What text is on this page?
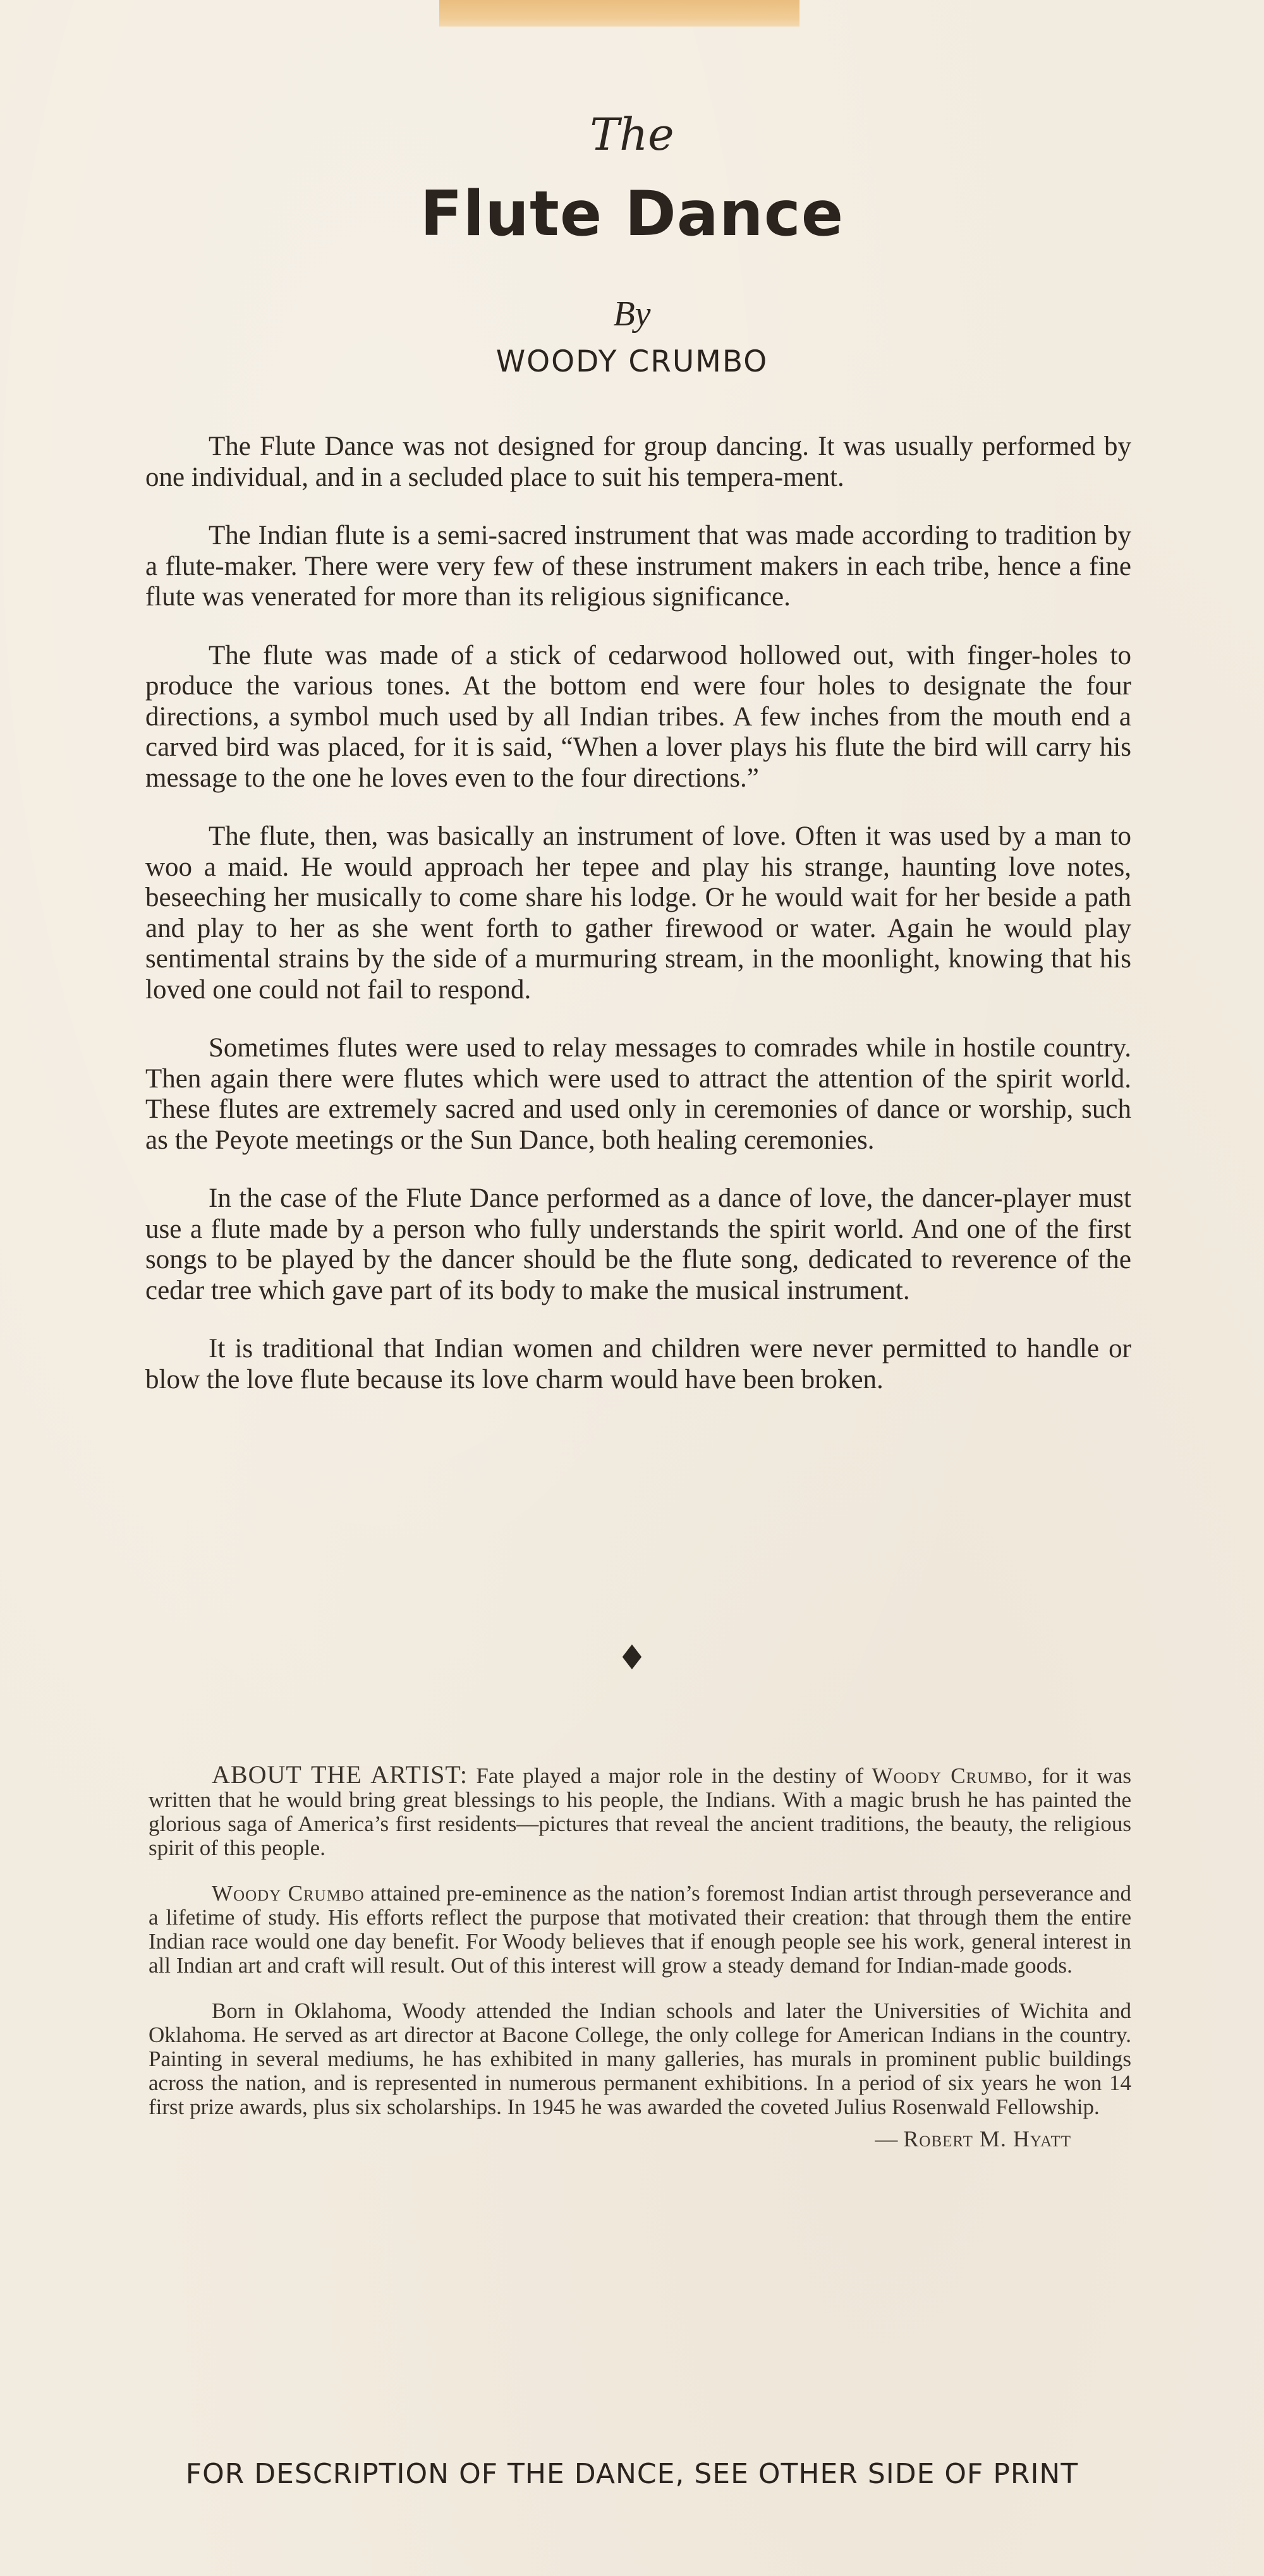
The
Flute Dance
By
WOODY CRUMBO

The Flute Dance was not designed for group dancing. It was usually performed by one individual, and in a secluded place to suit his tempera-ment.

The Indian flute is a semi-sacred instrument that was made according to tradition by a flute-maker. There were very few of these instrument makers in each tribe, hence a fine flute was venerated for more than its religious significance.

The flute was made of a stick of cedarwood hollowed out, with finger-holes to produce the various tones. At the bottom end were four holes to designate the four directions, a symbol much used by all Indian tribes. A few inches from the mouth end a carved bird was placed, for it is said, “When a lover plays his flute the bird will carry his message to the one he loves even to the four directions.”

The flute, then, was basically an instrument of love. Often it was used by a man to woo a maid. He would approach her tepee and play his strange, haunting love notes, beseeching her musically to come share his lodge. Or he would wait for her beside a path and play to her as she went forth to gather firewood or water. Again he would play sentimental strains by the side of a murmuring stream, in the moonlight, knowing that his loved one could not fail to respond.

Sometimes flutes were used to relay messages to comrades while in hostile country. Then again there were flutes which were used to attract the attention of the spirit world. These flutes are extremely sacred and used only in ceremonies of dance or worship, such as the Peyote meetings or the Sun Dance, both healing ceremonies.

In the case of the Flute Dance performed as a dance of love, the dancer-player must use a flute made by a person who fully understands the spirit world. And one of the first songs to be played by the dancer should be the flute song, dedicated to reverence of the cedar tree which gave part of its body to make the musical instrument.

It is traditional that Indian women and children were never permitted to handle or blow the love flute because its love charm would have been broken.

♦

ABOUT THE ARTIST: Fate played a major role in the destiny of Woody Crumbo, for it was written that he would bring great blessings to his people, the Indians. With a magic brush he has painted the glorious saga of America’s first residents—pictures that reveal the ancient traditions, the beauty, the religious spirit of this people.

Woody Crumbo attained pre-eminence as the nation’s foremost Indian artist through perseverance and a lifetime of study. His efforts reflect the purpose that motivated their creation: that through them the entire Indian race would one day benefit. For Woody believes that if enough people see his work, general interest in all Indian art and craft will result. Out of this interest will grow a steady demand for Indian-made goods.

Born in Oklahoma, Woody attended the Indian schools and later the Universities of Wichita and Oklahoma. He served as art director at Bacone College, the only college for American Indians in the country. Painting in several mediums, he has exhibited in many galleries, has murals in prominent public buildings across the nation, and is represented in numerous permanent exhibitions. In a period of six years he won 14 first prize awards, plus six scholarships. In 1945 he was awarded the coveted Julius Rosenwald Fellowship.

— Robert M. Hyatt
FOR DESCRIPTION OF THE DANCE, SEE OTHER SIDE OF PRINT
